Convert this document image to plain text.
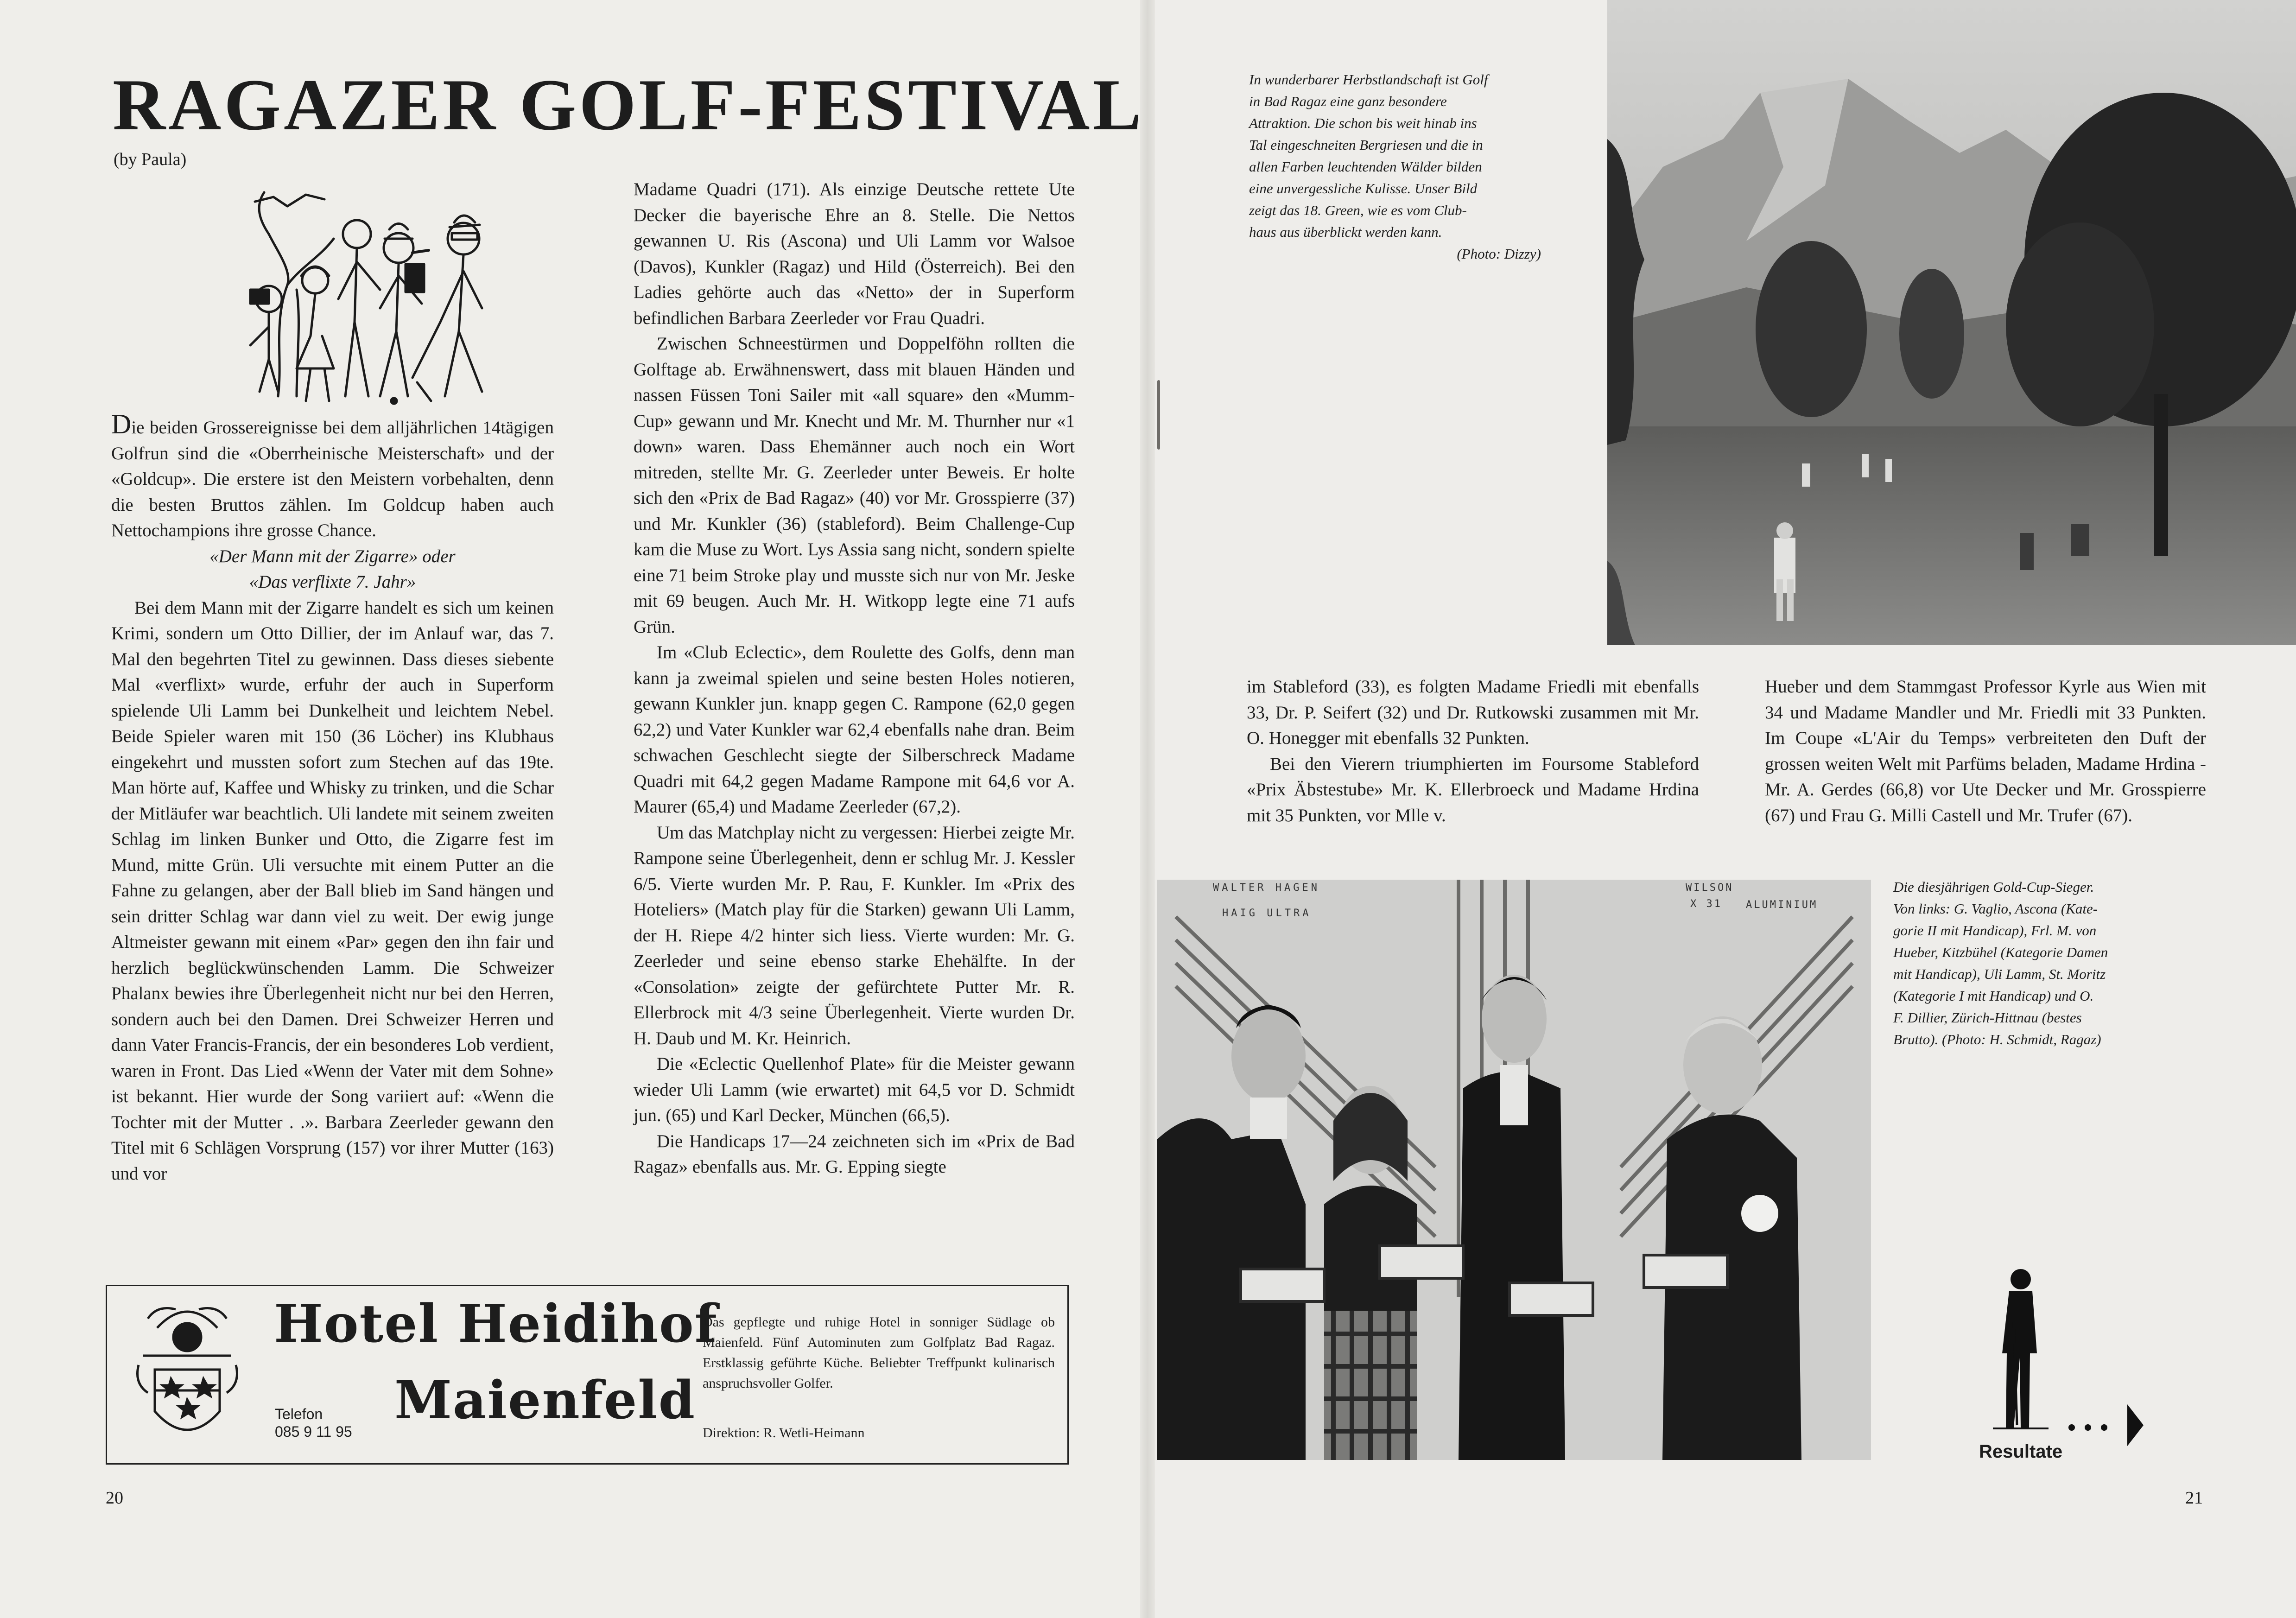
RAGAZER GOLF-FESTIVAL
(by Paula)

Die beiden Grossereignisse bei dem alljährlichen 14tägigen Golfrun sind die «Oberrheinische Meisterschaft» und der «Goldcup». Die erstere ist den Meistern vorbehalten, denn die besten Bruttos zählen. Im Goldcup haben auch Nettochampions ihre grosse Chance.

«Der Mann mit der Zigarre» oder

«Das verflixte 7. Jahr»

Bei dem Mann mit der Zigarre handelt es sich um keinen Krimi, sondern um Otto Dillier, der im Anlauf war, das 7. Mal den begehrten Titel zu gewinnen. Dass dieses siebente Mal «verflixt» wurde, erfuhr der auch in Superform spielende Uli Lamm bei Dunkelheit und leichtem Nebel. Beide Spieler waren mit 150 (36 Löcher) ins Klubhaus eingekehrt und mussten sofort zum Stechen auf das 19te. Man hörte auf, Kaffee und Whisky zu trinken, und die Schar der Mitläufer war beachtlich. Uli landete mit seinem zweiten Schlag im linken Bunker und Otto, die Zigarre fest im Mund, mitte Grün. Uli versuchte mit einem Putter an die Fahne zu gelangen, aber der Ball blieb im Sand hängen und sein dritter Schlag war dann viel zu weit. Der ewig junge Altmeister gewann mit einem «Par» gegen den ihn fair und herzlich beglückwünschenden Lamm. Die Schweizer Phalanx bewies ihre Überlegenheit nicht nur bei den Herren, sondern auch bei den Damen. Drei Schweizer Herren und dann Vater Francis-Francis, der ein besonderes Lob verdient, waren in Front. Das Lied «Wenn der Vater mit dem Sohne» ist bekannt. Hier wurde der Song variiert auf: «Wenn die Tochter mit der Mutter . .». Barbara Zeerleder gewann den Titel mit 6 Schlägen Vorsprung (157) vor ihrer Mutter (163) und vor

Madame Quadri (171). Als einzige Deutsche rettete Ute Decker die bayerische Ehre an 8. Stelle. Die Nettos gewannen U. Ris (Ascona) und Uli Lamm vor Walsoe (Davos), Kunkler (Ragaz) und Hild (Österreich). Bei den Ladies gehörte auch das «Netto» der in Superform befindlichen Barbara Zeerleder vor Frau Quadri.

Zwischen Schneestürmen und Doppelföhn rollten die Golftage ab. Erwähnenswert, dass mit blauen Händen und nassen Füssen Toni Sailer mit «all square» den «Mumm-Cup» gewann und Mr. Knecht und Mr. M. Thurnher nur «1 down» waren. Dass Ehemänner auch noch ein Wort mitreden, stellte Mr. G. Zeerleder unter Beweis. Er holte sich den «Prix de Bad Ragaz» (40) vor Mr. Grosspierre (37) und Mr. Kunkler (36) (stableford). Beim Challenge-Cup kam die Muse zu Wort. Lys Assia sang nicht, sondern spielte eine 71 beim Stroke play und musste sich nur von Mr. Jeske mit 69 beugen. Auch Mr. H. Witkopp legte eine 71 aufs Grün.

Im «Club Eclectic», dem Roulette des Golfs, denn man kann ja zweimal spielen und seine besten Holes notieren, gewann Kunkler jun. knapp gegen C. Rampone (62,0 gegen 62,2) und Vater Kunkler war 62,4 ebenfalls nahe dran. Beim schwachen Geschlecht siegte der Silberschreck Madame Quadri mit 64,2 gegen Madame Rampone mit 64,6 vor A. Maurer (65,4) und Madame Zeerleder (67,2).

Um das Matchplay nicht zu vergessen: Hierbei zeigte Mr. Rampone seine Überlegenheit, denn er schlug Mr. J. Kessler 6/5. Vierte wurden Mr. P. Rau, F. Kunkler. Im «Prix des Hoteliers» (Match play für die Starken) gewann Uli Lamm, der H. Riepe 4/2 hinter sich liess. Vierte wurden: Mr. G. Zeerleder und seine ebenso starke Ehehälfte. In der «Consolation» zeigte der gefürchtete Putter Mr. R. Ellerbrock mit 4/3 seine Überlegenheit. Vierte wurden Dr. H. Daub und M. Kr. Heinrich.

Die «Eclectic Quellenhof Plate» für die Meister gewann wieder Uli Lamm (wie erwartet) mit 64,5 vor D. Schmidt jun. (65) und Karl Decker, München (66,5).

Die Handicaps 17—24 zeichneten sich im «Prix de Bad Ragaz» ebenfalls aus. Mr. G. Epping siegte

Hotel Heidihof
Maienfeld
Telefon
085 9 11 95
Das gepflegte und ruhige Hotel in sonniger Südlage ob Maienfeld. Fünf Autominuten zum Golfplatz Bad Ragaz. Erstklassig geführte Küche. Beliebter Treffpunkt kulinarisch anspruchsvoller Golfer.
Direktion: R. Wetli-Heimann
20
In wunderbarer Herbstlandschaft ist Golf
in Bad Ragaz eine ganz besondere
Attraktion. Die schon bis weit hinab ins
Tal eingeschneiten Bergriesen und die in
allen Farben leuchtenden Wälder bilden
eine unvergessliche Kulisse. Unser Bild
zeigt das 18. Green, wie es vom Club-
haus aus überblickt werden kann.
(Photo: Dizzy)

im Stableford (33), es folgten Madame Friedli mit ebenfalls 33, Dr. P. Seifert (32) und Dr. Rutkowski zusammen mit Mr. O. Honegger mit ebenfalls 32 Punkten.

Bei den Vierern triumphierten im Foursome Stableford «Prix Äbstestube» Mr. K. Ellerbroeck und Madame Hrdina mit 35 Punkten, vor Mlle v.

Hueber und dem Stammgast Professor Kyrle aus Wien mit 34 und Madame Mandler und Mr. Friedli mit 33 Punkten. Im Coupe «L'Air du Temps» verbreiteten den Duft der grossen weiten Welt mit Parfüms beladen, Madame Hrdina - Mr. A. Gerdes (66,8) vor Ute Decker und Mr. Grosspierre (67) und Frau G. Milli Castell und Mr. Trufer (67).

WALTER HAGEN
HAIG ULTRA
WILSON
X 31 ALUMINIUM
Die diesjährigen Gold-Cup-Sieger.
Von links: G. Vaglio, Ascona (Kate-
gorie II mit Handicap), Frl. M. von
Hueber, Kitzbühel (Kategorie Damen
mit Handicap), Uli Lamm, St. Moritz
(Kategorie I mit Handicap) und O.
F. Dillier, Zürich-Hittnau (bestes
Brutto). (Photo: H. Schmidt, Ragaz)
Resultate
21
